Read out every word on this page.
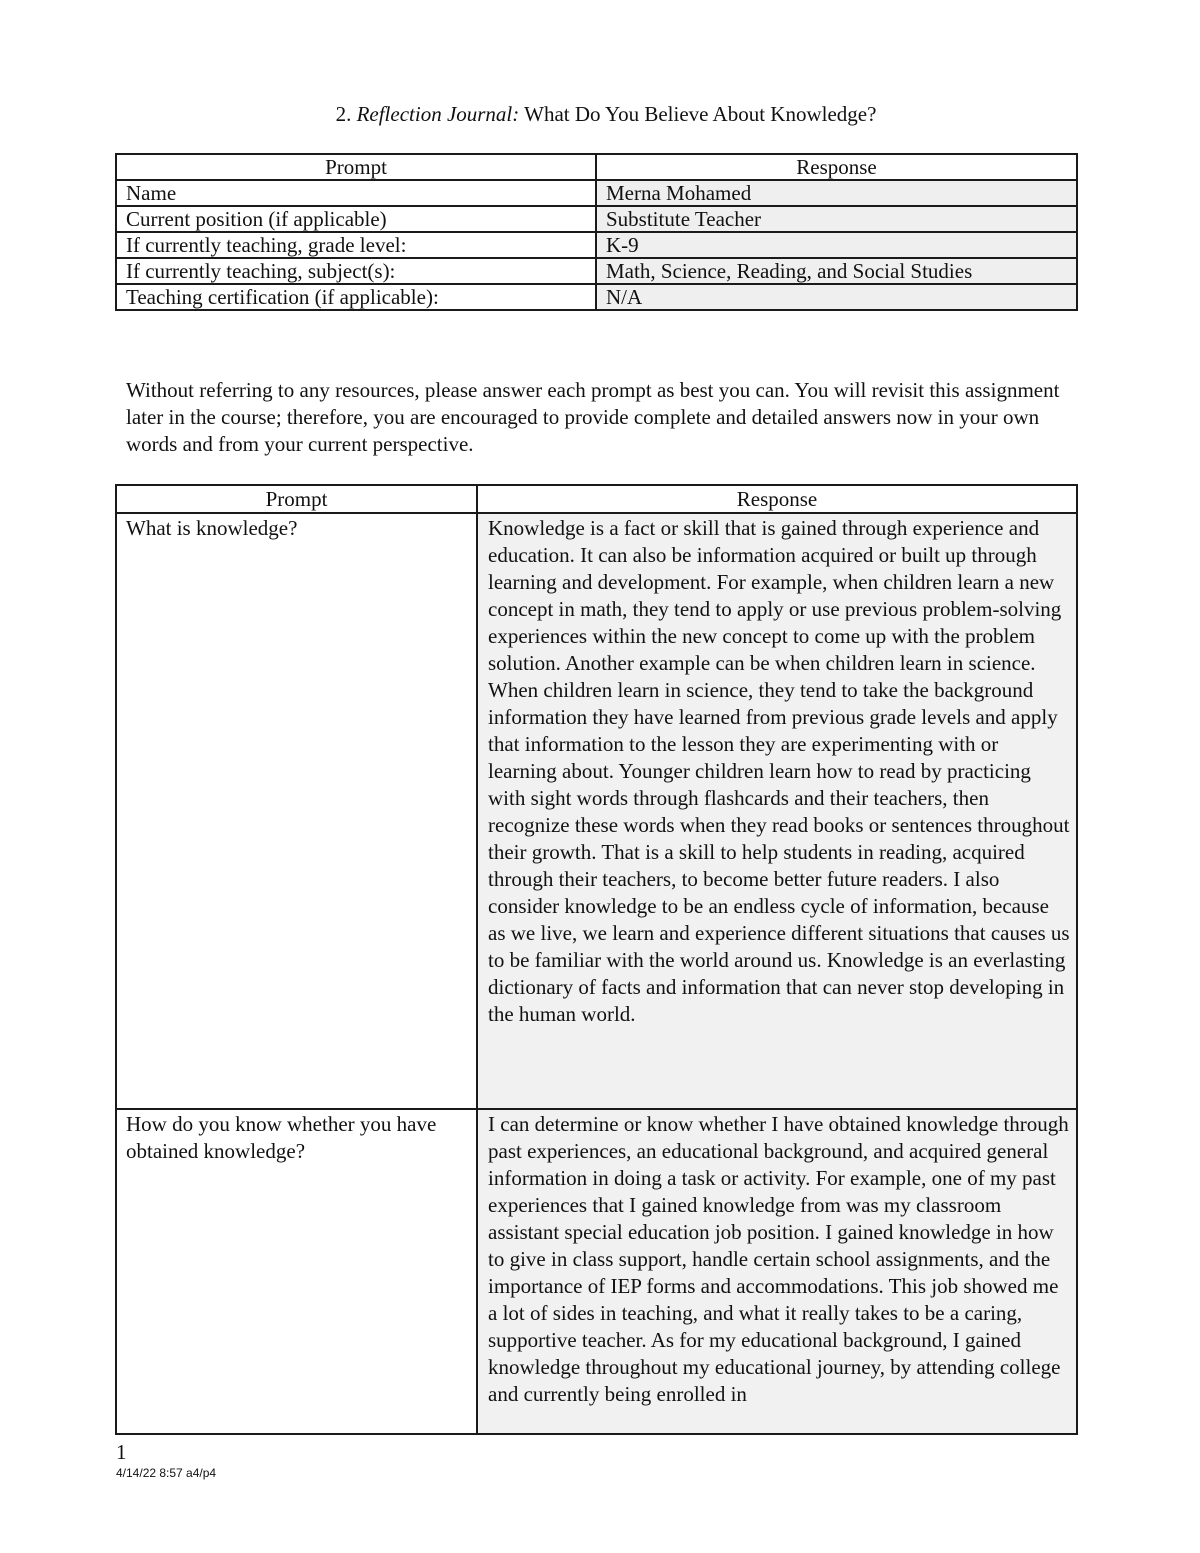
2. Reflection Journal: What Do You Believe About Knowledge?
Prompt	Response
Name	Merna Mohamed
Current position (if applicable)	Substitute Teacher
If currently teaching, grade level:	K-9
If currently teaching, subject(s):	Math, Science, Reading, and Social Studies
Teaching certification (if applicable):	N/A

Without referring to any resources, please answer each prompt as best you can. You will revisit this assignment later in the course; therefore, you are encouraged to provide complete and detailed answers now in your own words and from your current perspective.

Prompt	Response
What is knowledge?	Knowledge is a fact or skill that is gained through experience and education. It can also be information acquired or built up through learning and development. For example, when children learn a new concept in math, they tend to apply or use previous problem-solving experiences within the new concept to come up with the problem solution. Another example can be when children learn in science. When children learn in science, they tend to take the background information they have learned from previous grade levels and apply that information to the lesson they are experimenting with or learning about. Younger children learn how to read by practicing with sight words through flashcards and their teachers, then recognize these words when they read books or sentences throughout their growth. That is a skill to help students in reading, acquired through their teachers, to become better future readers. I also consider knowledge to be an endless cycle of information, because as we live, we learn and experience different situations that causes us to be familiar with the world around us. Knowledge is an everlasting dictionary of facts and information that can never stop developing in the human world.
How do you know whether you have obtained knowledge?	I can determine or know whether I have obtained knowledge through past experiences, an educational background, and acquired general information in doing a task or activity. For example, one of my past experiences that I gained knowledge from was my classroom assistant special education job position. I gained knowledge in how to give in class support, handle certain school assignments, and the importance of IEP forms and accommodations. This job showed me a lot of sides in teaching, and what it really takes to be a caring, supportive teacher. As for my educational background, I gained knowledge throughout my educational journey, by attending college and currently being enrolled in
1
4/14/22 8:57 a4/p4
